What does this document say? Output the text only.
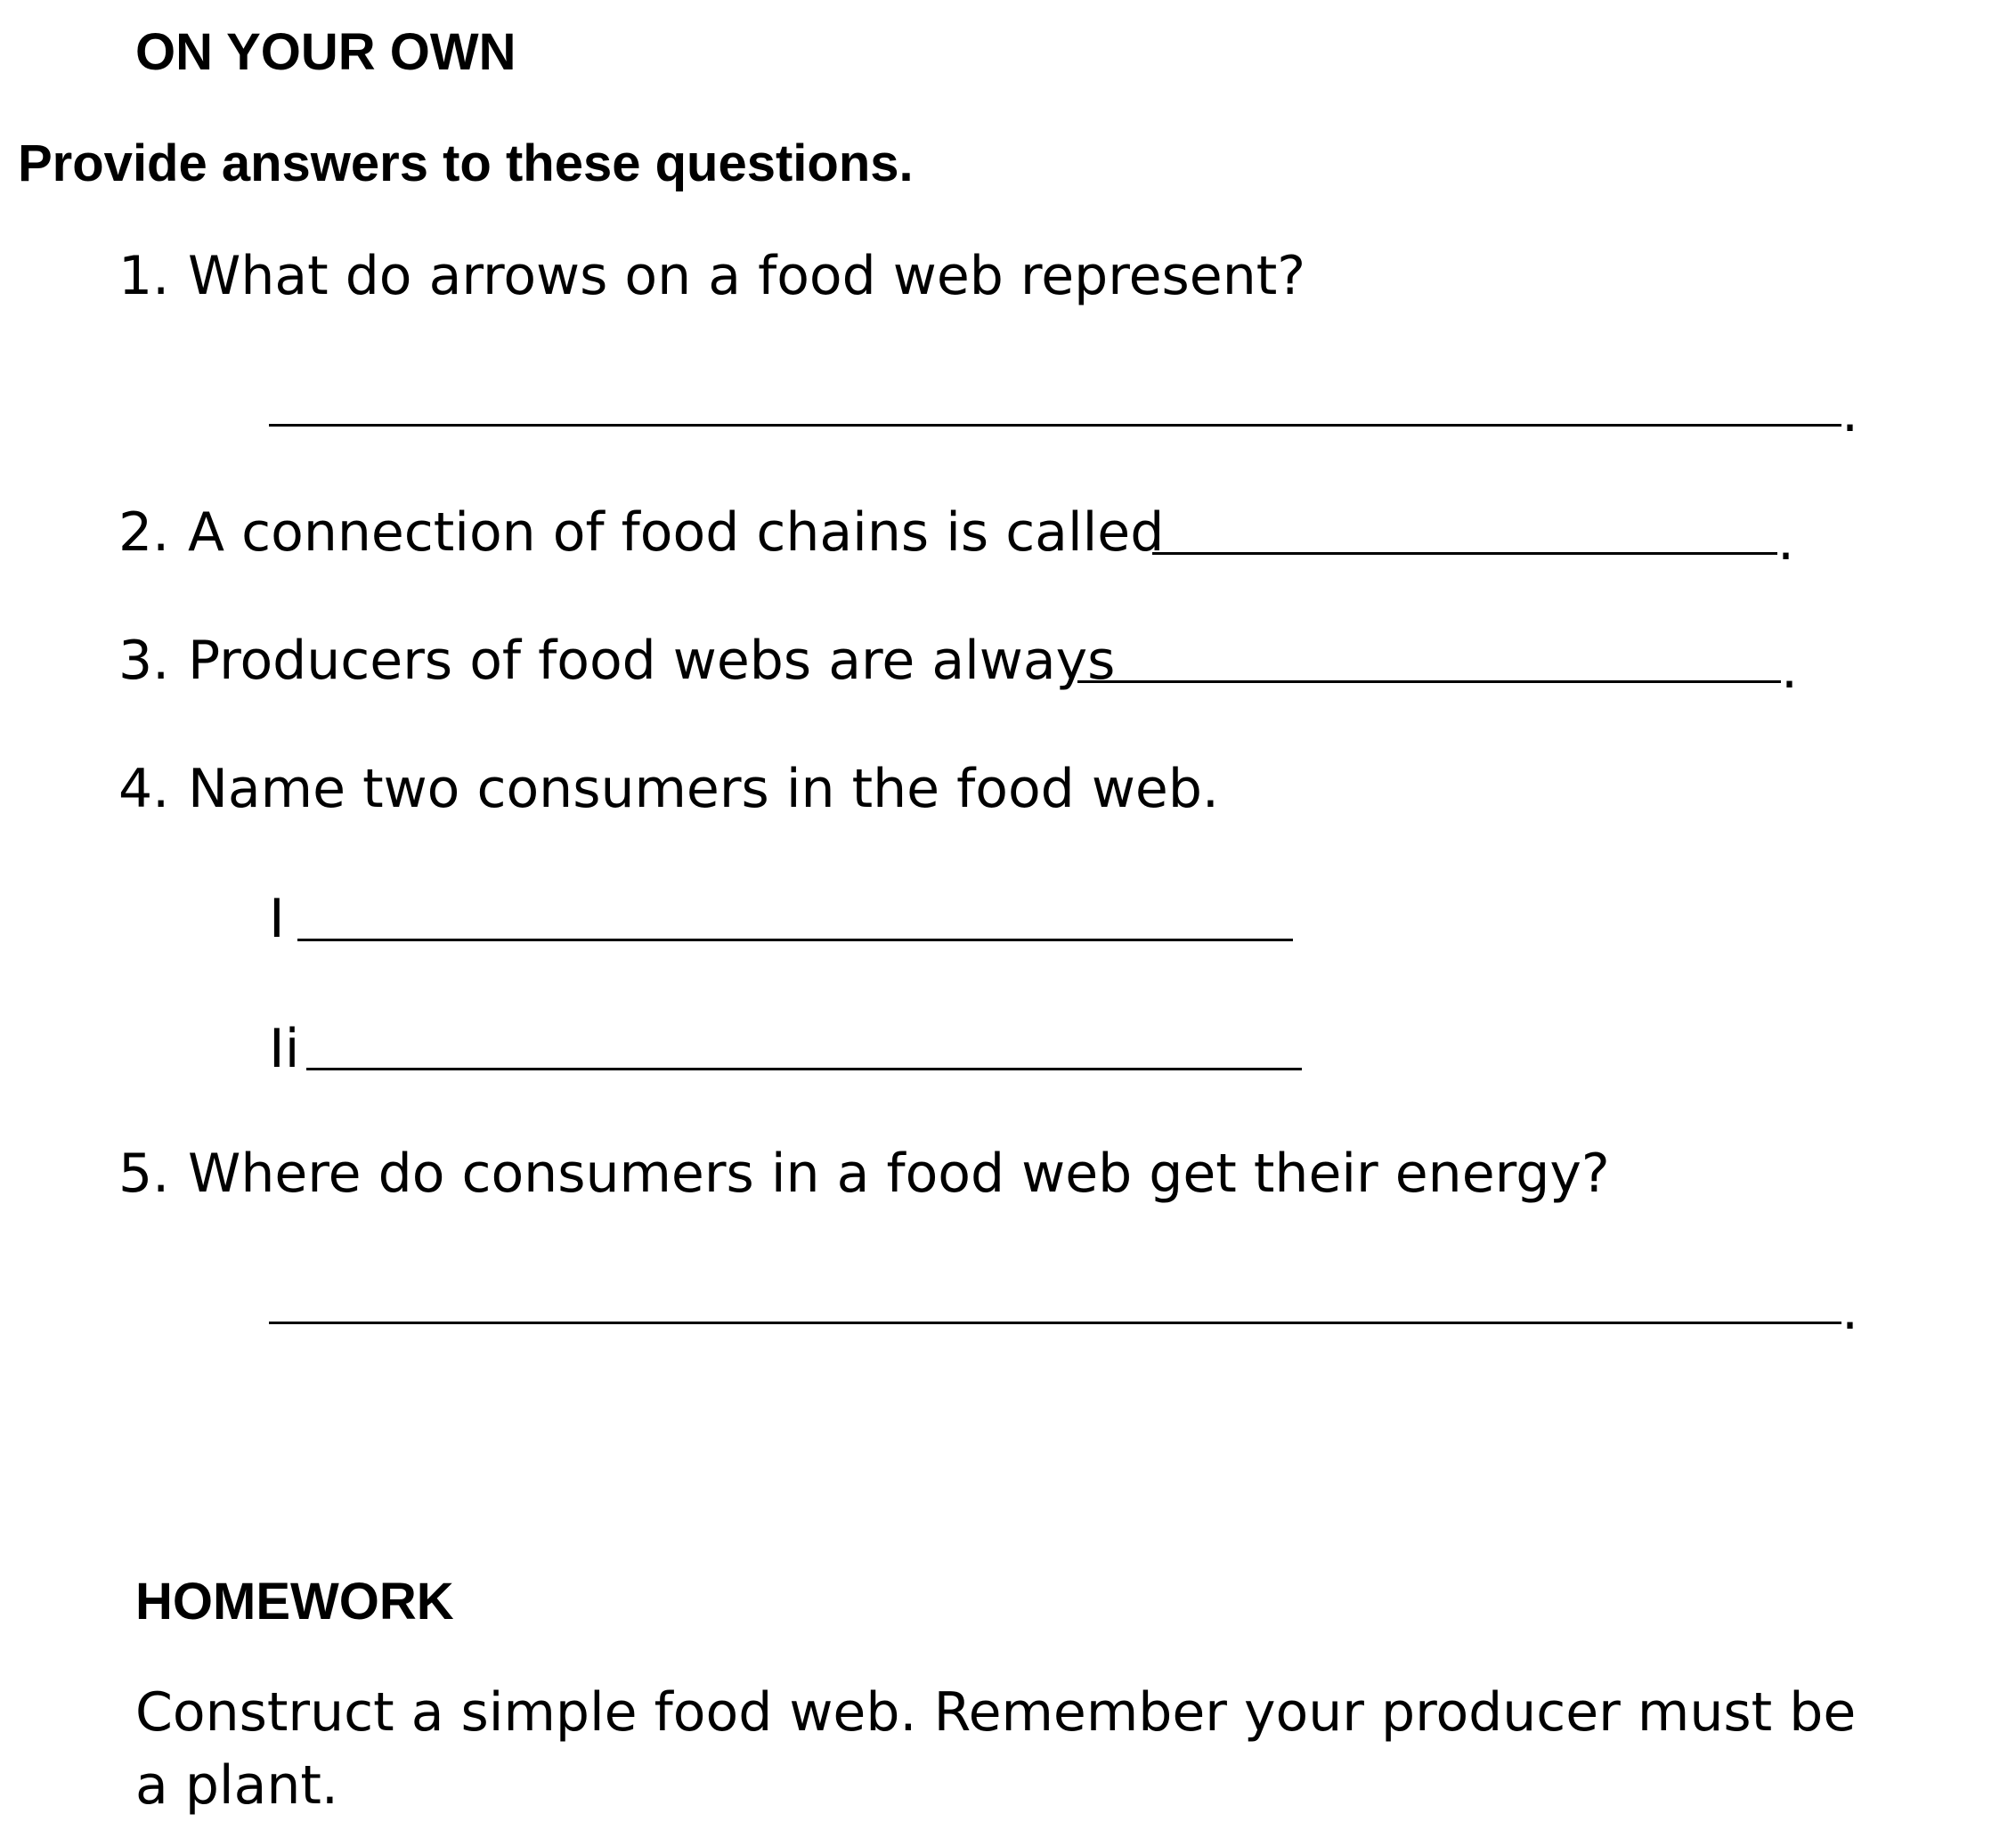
ON YOUR OWN
Provide answers to these questions.
1. What do arrows on a food web represent?
.
2. A connection of food chains is called	.
3. Producers of food webs are always	.
4. Name two consumers in the food web.
I
Ii
5. Where do consumers in a food web get their energy?
.
HOMEWORK
Construct a simple food web. Remember your producer must be a plant.
